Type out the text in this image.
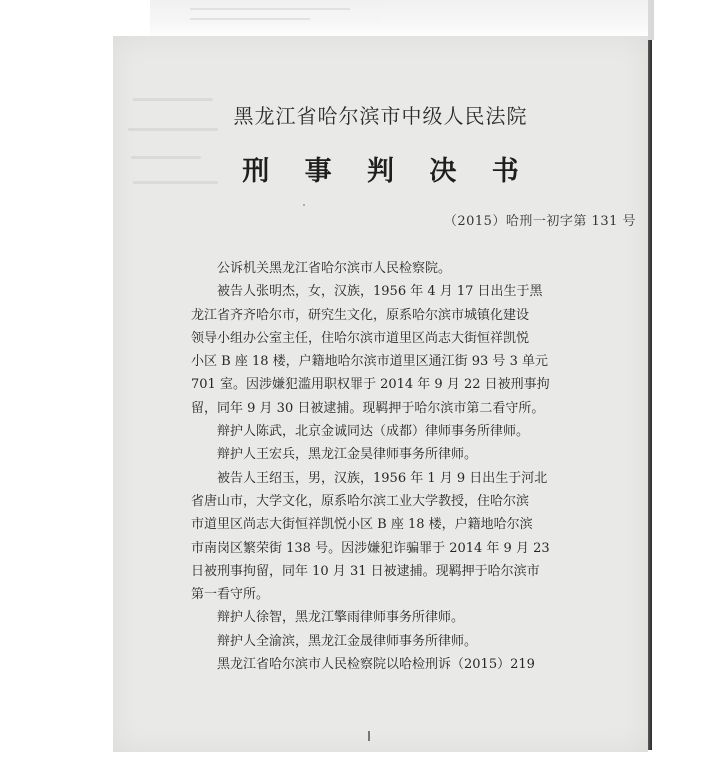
黑龙江省哈尔滨市中级人民法院
刑 事 判 决 书
（2015）哈刑一初字第 131 号
公诉机关黑龙江省哈尔滨市人民检察院。
被告人张明杰，女，汉族，1956 年 4 月 17 日出生于黑
龙江省齐齐哈尔市，研究生文化，原系哈尔滨市城镇化建设
领导小组办公室主任，住哈尔滨市道里区尚志大街恒祥凯悦
小区 B 座 18 楼，户籍地哈尔滨市道里区通江街 93 号 3 单元
701 室。因涉嫌犯滥用职权罪于 2014 年 9 月 22 日被刑事拘
留，同年 9 月 30 日被逮捕。现羁押于哈尔滨市第二看守所。
辩护人陈武，北京金诚同达（成都）律师事务所律师。
辩护人王宏兵，黑龙江金昊律师事务所律师。
被告人王绍玉，男，汉族，1956 年 1 月 9 日出生于河北
省唐山市，大学文化，原系哈尔滨工业大学教授，住哈尔滨
市道里区尚志大街恒祥凯悦小区 B 座 18 楼，户籍地哈尔滨
市南岗区繁荣街 138 号。因涉嫌犯诈骗罪于 2014 年 9 月 23
日被刑事拘留，同年 10 月 31 日被逮捕。现羁押于哈尔滨市
第一看守所。
辩护人徐智，黑龙江擎雨律师事务所律师。
辩护人全渝滨，黑龙江金晟律师事务所律师。
黑龙江省哈尔滨市人民检察院以哈检刑诉（2015）219
